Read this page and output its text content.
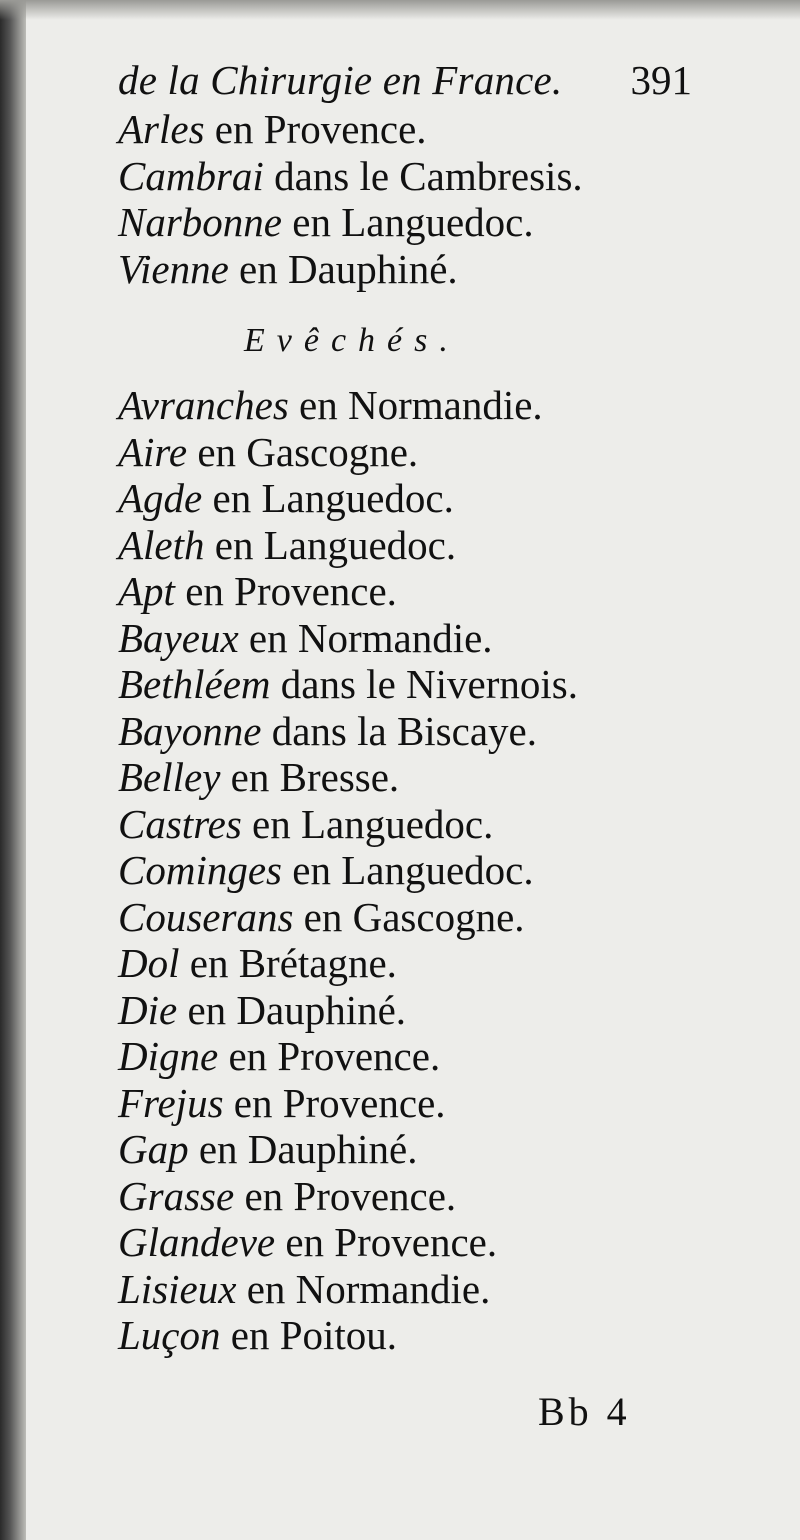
de la Chirurgie en France. 391
Arles en Provence.
Cambrai dans le Cambresis.
Narbonne en Languedoc.
Vienne en Dauphiné.
Evêchés.
Avranches en Normandie.
Aire en Gascogne.
Agde en Languedoc.
Aleth en Languedoc.
Apt en Provence.
Bayeux en Normandie.
Bethléem dans le Nivernois.
Bayonne dans la Biscaye.
Belley en Bresse.
Castres en Languedoc.
Cominges en Languedoc.
Couserans en Gascogne.
Dol en Brétagne.
Die en Dauphiné.
Digne en Provence.
Frejus en Provence.
Gap en Dauphiné.
Grasse en Provence.
Glandeve en Provence.
Lisieux en Normandie.
Luçon en Poitou.
Bb 4
